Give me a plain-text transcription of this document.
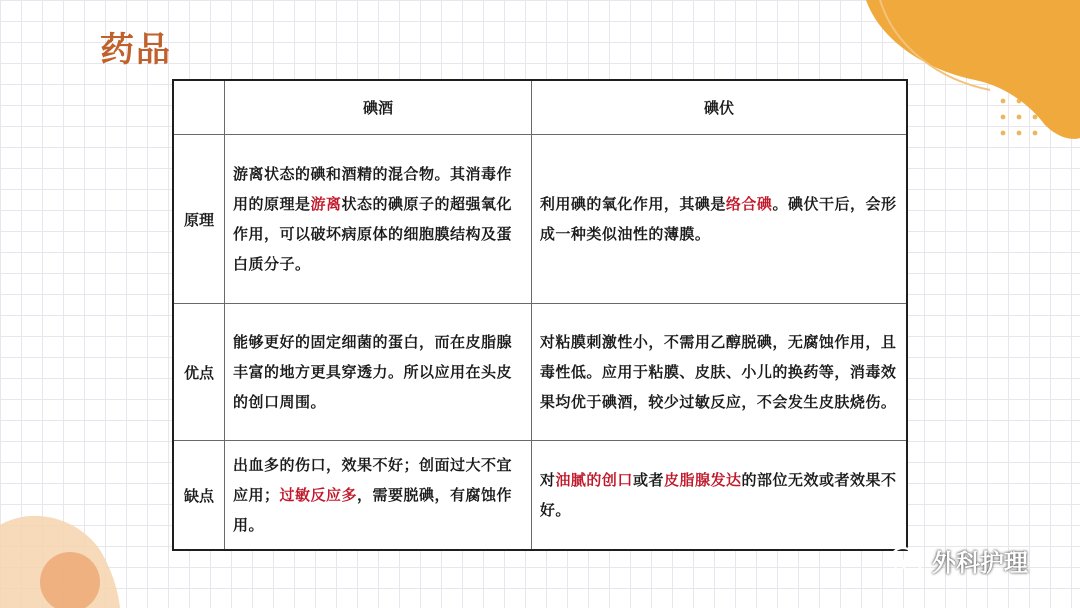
药品
	碘酒	碘伏
原理	游离状态的碘和酒精的混合物。其消毒作用的原理是游离状态的碘原子的超强氧化作用，可以破坏病原体的细胞膜结构及蛋白质分子。	利用碘的氧化作用，其碘是络合碘。碘伏干后，会形成一种类似油性的薄膜。
优点	能够更好的固定细菌的蛋白，而在皮脂腺丰富的地方更具穿透力。所以应用在头皮的创口周围。	对粘膜刺激性小，不需用乙醇脱碘，无腐蚀作用，且毒性低。应用于粘膜、皮肤、小儿的换药等，消毒效果均优于碘酒，较少过敏反应，不会发生皮肤烧伤。
缺点	出血多的伤口，效果不好；创面过大不宜应用；过敏反应多，需要脱碘，有腐蚀作用。	对油腻的创口或者皮脂腺发达的部位无效或者效果不好。
外科护理
